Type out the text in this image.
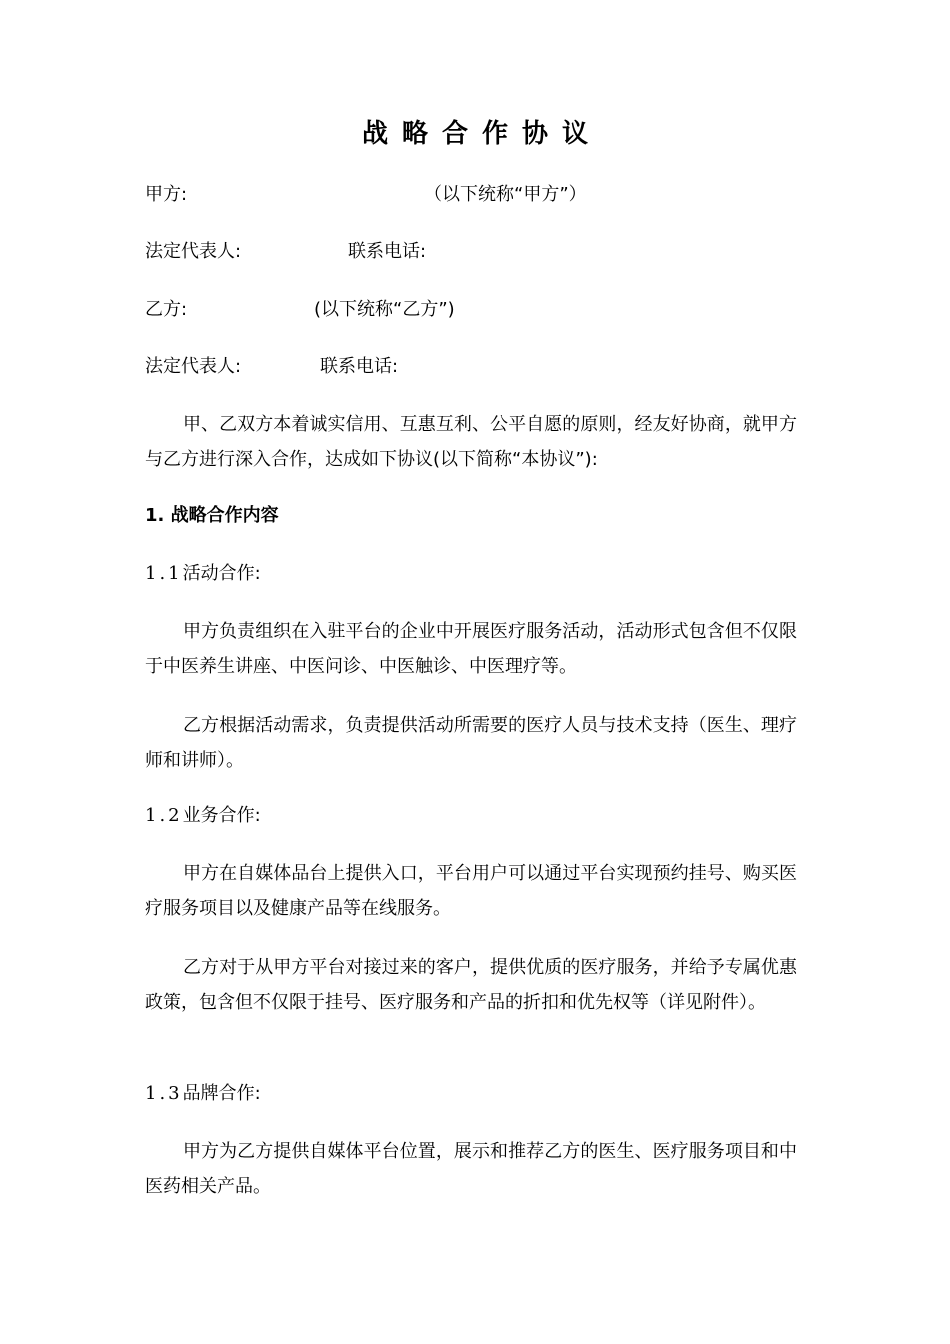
战略合作协议
甲方:	（以下统称“甲方”）
法定代表人:	联系电话:
乙方:	(以下统称“乙方”)
法定代表人:	联系电话:
甲、乙双方本着诚实信用、互惠互利、公平自愿的原则，经友好协商，就甲方与乙方进行深入合作，达成如下协议(以下简称“本协议”):
1. 战略合作内容
1.1活动合作:
甲方负责组织在入驻平台的企业中开展医疗服务活动，活动形式包含但不仅限于中医养生讲座、中医问诊、中医触诊、中医理疗等。
乙方根据活动需求，负责提供活动所需要的医疗人员与技术支持（医生、理疗师和讲师）。
1.2业务合作:
甲方在自媒体品台上提供入口，平台用户可以通过平台实现预约挂号、购买医疗服务项目以及健康产品等在线服务。
乙方对于从甲方平台对接过来的客户，提供优质的医疗服务，并给予专属优惠政策，包含但不仅限于挂号、医疗服务和产品的折扣和优先权等（详见附件）。
1.3品牌合作:
甲方为乙方提供自媒体平台位置，展示和推荐乙方的医生、医疗服务项目和中医药相关产品。
